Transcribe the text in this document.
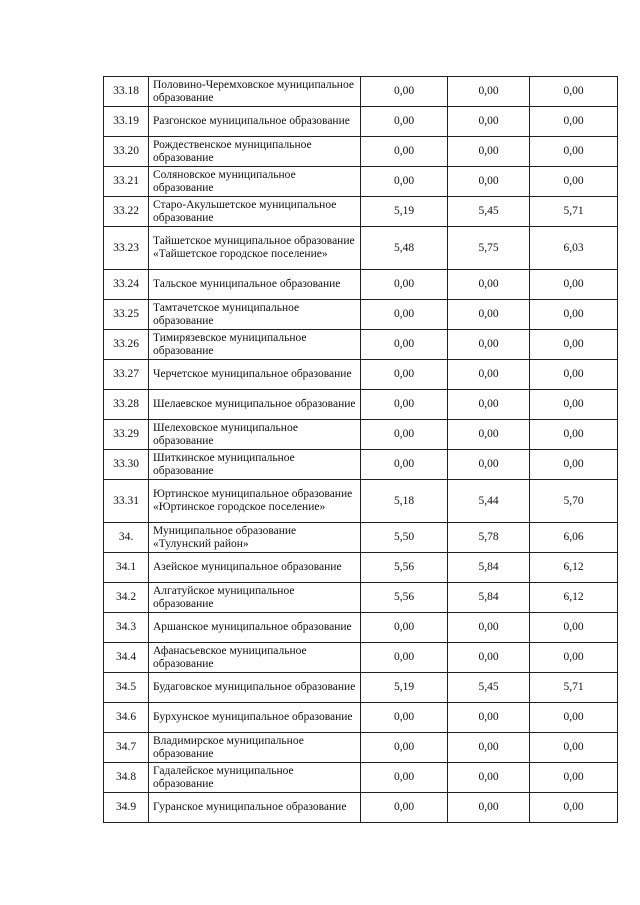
33.18	Половино-Черемховское муниципальное образование	0,00	0,00	0,00
33.19	Разгонское муниципальное образование	0,00	0,00	0,00
33.20	Рождественское муниципальное образование	0,00	0,00	0,00
33.21	Соляновское муниципальное образование	0,00	0,00	0,00
33.22	Старо-Акульшетское муниципальное образование	5,19	5,45	5,71
33.23	Тайшетское муниципальное образование «Тайшетское городское поселение»	5,48	5,75	6,03
33.24	Тальское муниципальное образование	0,00	0,00	0,00
33.25	Тамтачетское муниципальное образование	0,00	0,00	0,00
33.26	Тимирязевское муниципальное образование	0,00	0,00	0,00
33.27	Черчетское муниципальное образование	0,00	0,00	0,00
33.28	Шелаевское муниципальное образование	0,00	0,00	0,00
33.29	Шелеховское муниципальное образование	0,00	0,00	0,00
33.30	Шиткинское муниципальное образование	0,00	0,00	0,00
33.31	Юртинское муниципальное образование «Юртинское городское поселение»	5,18	5,44	5,70
34.	Муниципальное образование «Тулунский район»	5,50	5,78	6,06
34.1	Азейское муниципальное образование	5,56	5,84	6,12
34.2	Алгатуйское муниципальное образование	5,56	5,84	6,12
34.3	Аршанское муниципальное образование	0,00	0,00	0,00
34.4	Афанасьевское муниципальное образование	0,00	0,00	0,00
34.5	Будаговское муниципальное образование	5,19	5,45	5,71
34.6	Бурхунское муниципальное образование	0,00	0,00	0,00
34.7	Владимирское муниципальное образование	0,00	0,00	0,00
34.8	Гадалейское муниципальное образование	0,00	0,00	0,00
34.9	Гуранское муниципальное образование	0,00	0,00	0,00
